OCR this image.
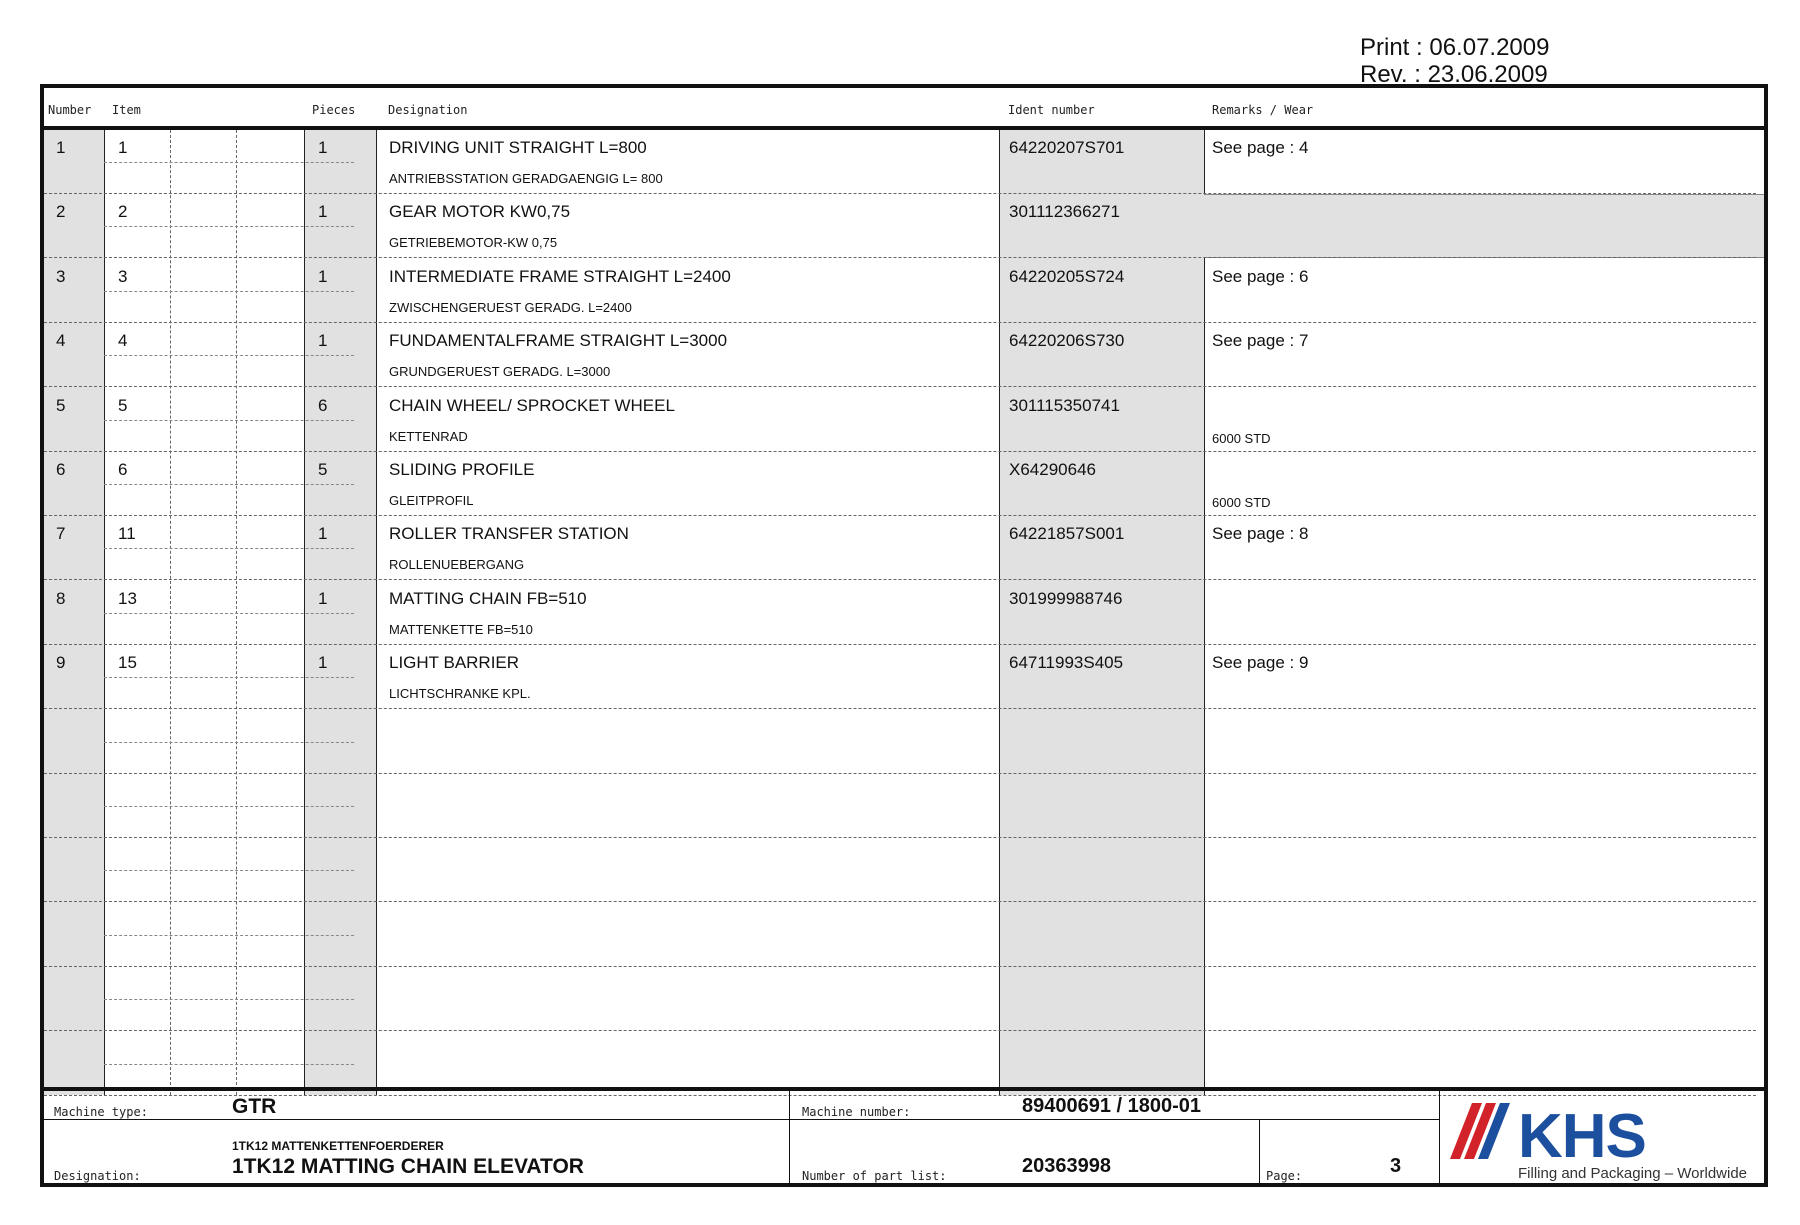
Print : 06.07.2009
Rev. : 23.06.2009
Number Item	Pieces	Designation	Ident number	Remarks / Wear
1	1	1	DRIVING UNIT STRAIGHT L=800
ANTRIEBSSTATION GERADGAENGIG L= 800
64220207S701	See page : 4
2	2	1	GEAR MOTOR KW0,75
GETRIEBEMOTOR-KW 0,75
301112366271
3	3	1	INTERMEDIATE FRAME STRAIGHT L=2400
ZWISCHENGERUEST GERADG. L=2400
64220205S724	See page : 6
4	4	1	FUNDAMENTALFRAME STRAIGHT L=3000
GRUNDGERUEST GERADG. L=3000
64220206S730	See page : 7
5	5	6	CHAIN WHEEL/ SPROCKET WHEEL
KETTENRAD
301115350741
6000 STD
6	6	5	SLIDING PROFILE
GLEITPROFIL
X64290646
6000 STD
7	11	1	ROLLER TRANSFER STATION
ROLLENUEBERGANG
64221857S001	See page : 8
8	13	1	MATTING CHAIN FB=510
MATTENKETTE FB=510
301999988746
9	15	1	LIGHT BARRIER
LICHTSCHRANKE KPL.
64711993S405	See page : 9
Machine type:	GTR
1TK12 MATTENKETTENFOERDERER
Designation:	1TK12 MATTING CHAIN ELEVATOR
Machine number:	89400691 / 1800-01
Number of part list:	20363998	Page:	3 KHS
Filling and Packaging – Worldwide
